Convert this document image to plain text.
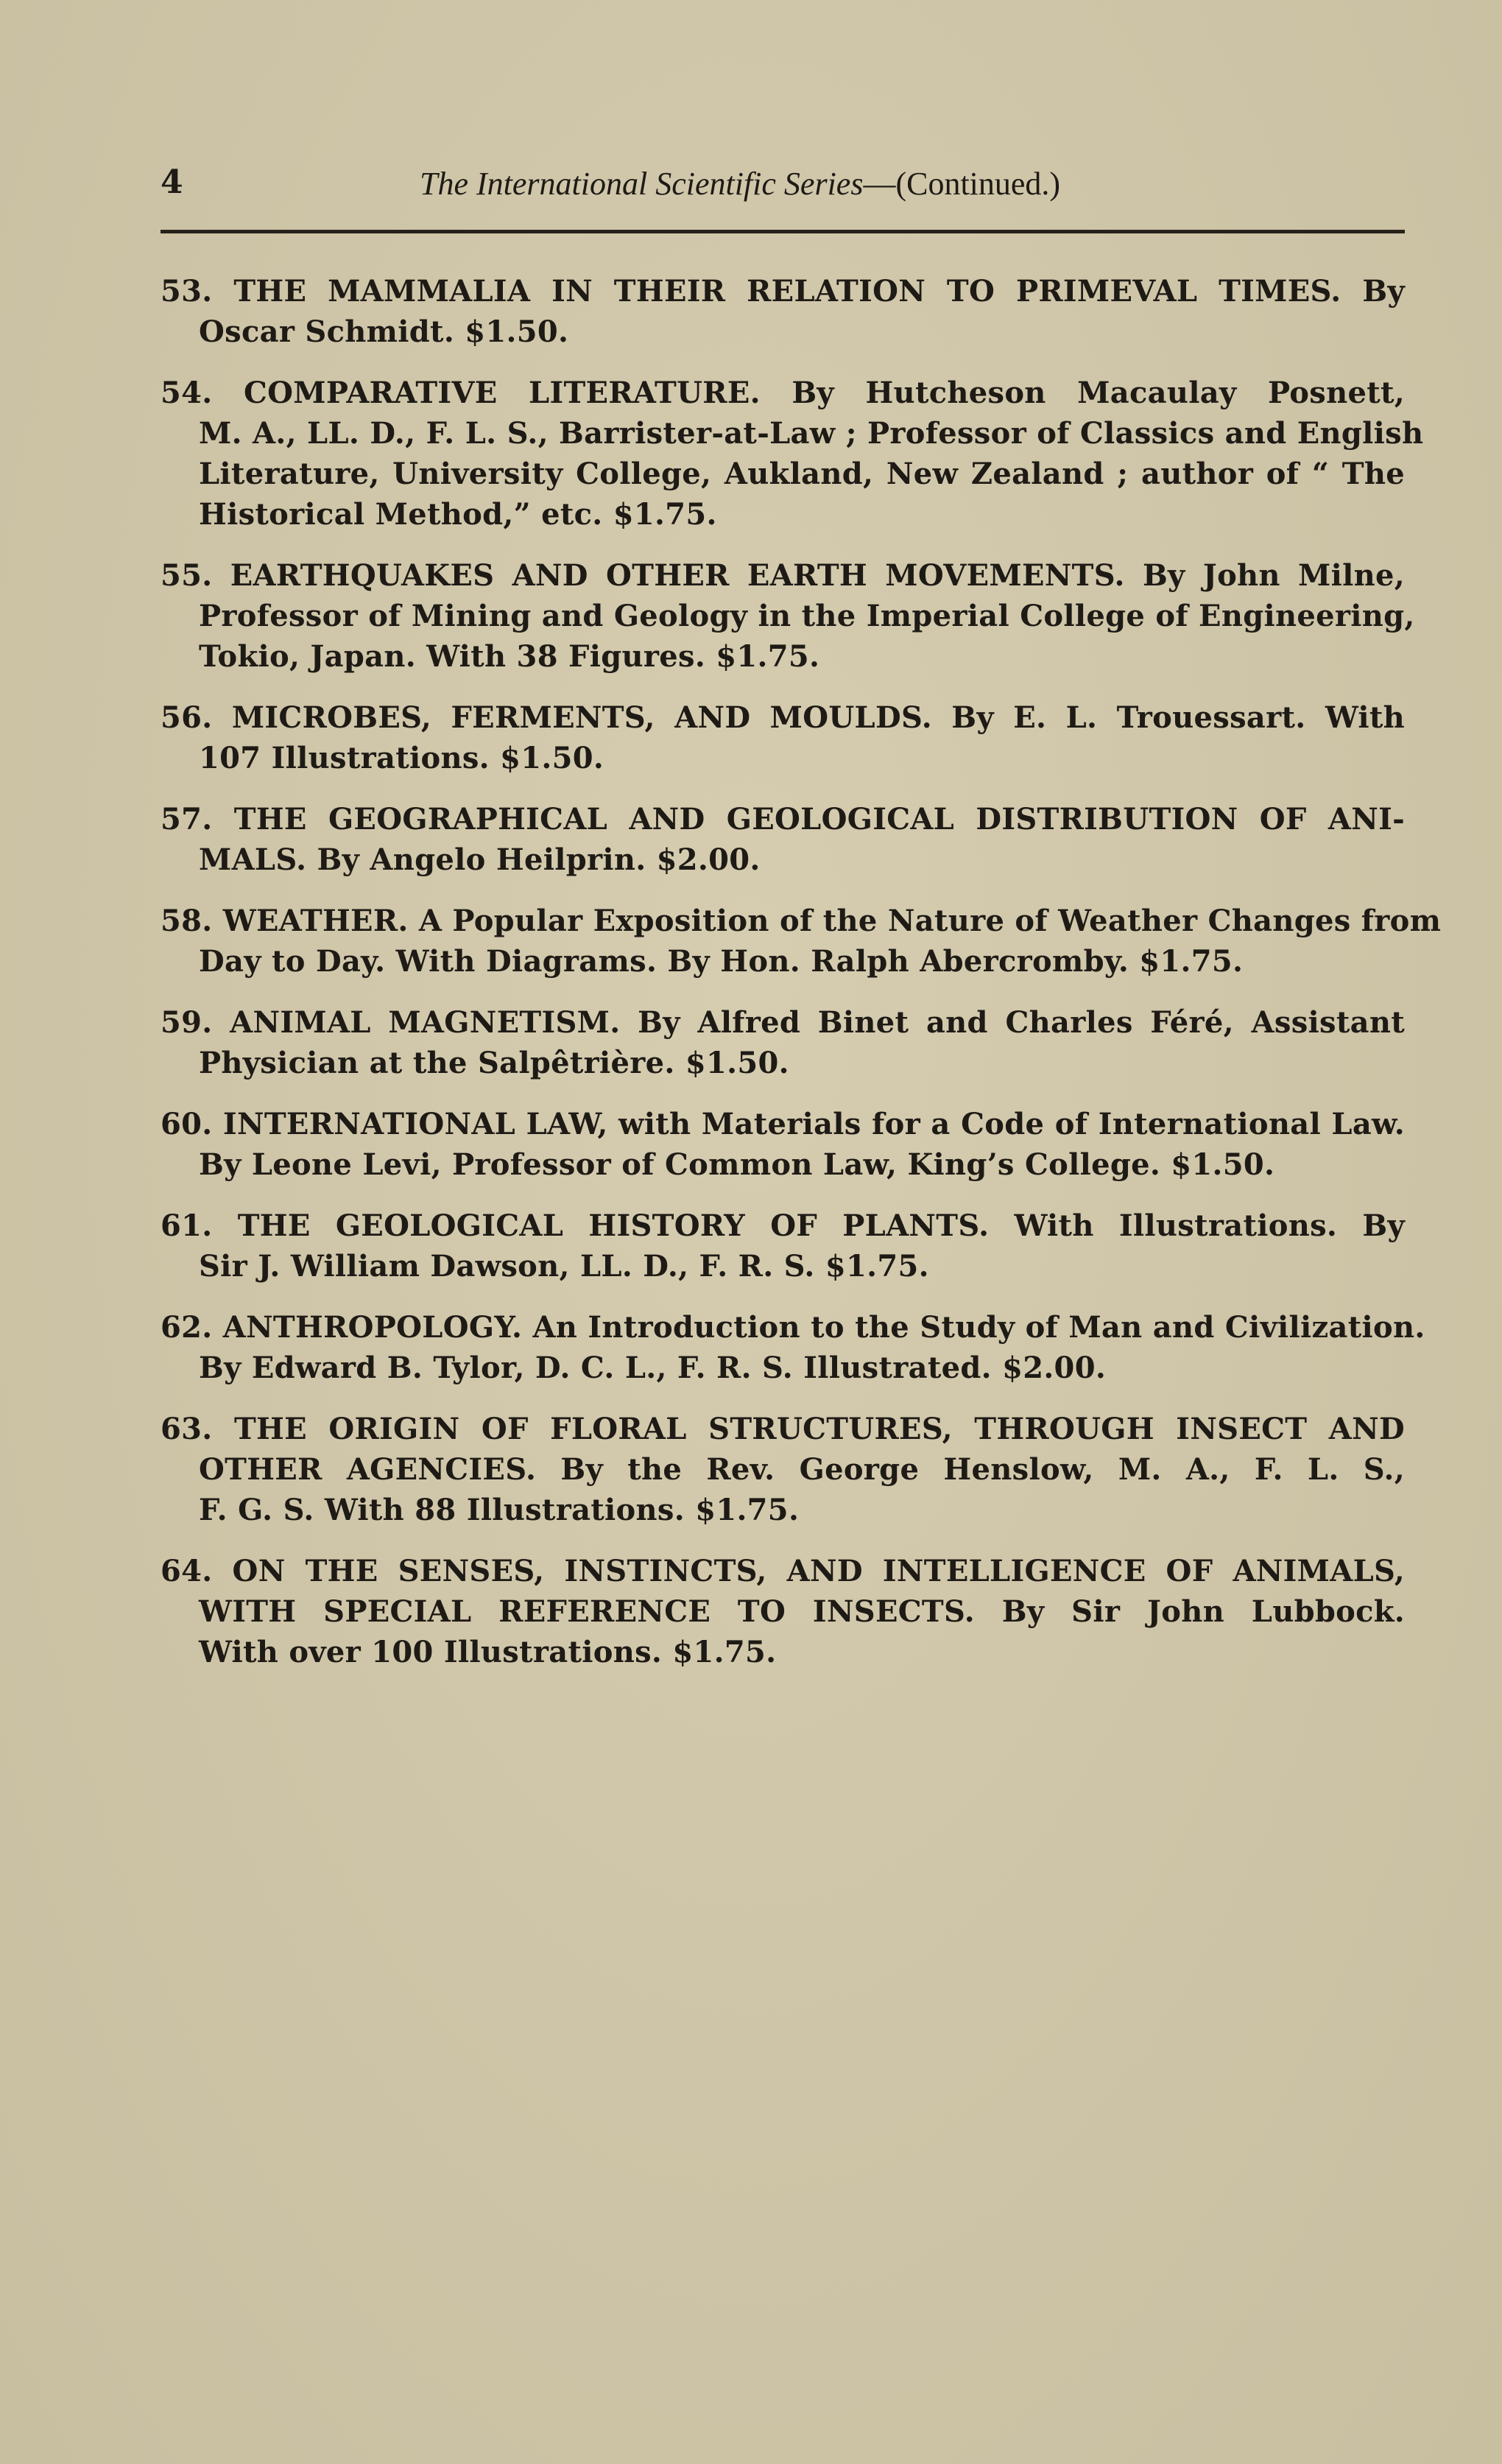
4	The International Scientific Series—(Continued.)
53. THE MAMMALIA IN THEIR RELATION TO PRIMEVAL TIMES. By
Oscar Schmidt. $1.50.
54. COMPARATIVE LITERATURE. By Hutcheson Macaulay Posnett,
M. A., LL. D., F. L. S., Barrister-at-Law ; Professor of Classics and English
Literature, University College, Aukland, New Zealand ; author of “ The
Historical Method,” etc. $1.75.
55. EARTHQUAKES AND OTHER EARTH MOVEMENTS. By John Milne,
Professor of Mining and Geology in the Imperial College of Engineering,
Tokio, Japan. With 38 Figures. $1.75.
56. MICROBES, FERMENTS, AND MOULDS. By E. L. Trouessart. With
107 Illustrations. $1.50.
57. THE GEOGRAPHICAL AND GEOLOGICAL DISTRIBUTION OF ANI-
MALS. By Angelo Heilprin. $2.00.
58. WEATHER. A Popular Exposition of the Nature of Weather Changes from
Day to Day. With Diagrams. By Hon. Ralph Abercromby. $1.75.
59. ANIMAL MAGNETISM. By Alfred Binet and Charles Féré, Assistant
Physician at the Salpêtrière. $1.50.
60. INTERNATIONAL LAW, with Materials for a Code of International Law.
By Leone Levi, Professor of Common Law, King’s College. $1.50.
61. THE GEOLOGICAL HISTORY OF PLANTS. With Illustrations. By
Sir J. William Dawson, LL. D., F. R. S. $1.75.
62. ANTHROPOLOGY. An Introduction to the Study of Man and Civilization.
By Edward B. Tylor, D. C. L., F. R. S. Illustrated. $2.00.
63. THE ORIGIN OF FLORAL STRUCTURES, THROUGH INSECT AND
OTHER AGENCIES. By the Rev. George Henslow, M. A., F. L. S.,
F. G. S. With 88 Illustrations. $1.75.
64. ON THE SENSES, INSTINCTS, AND INTELLIGENCE OF ANIMALS,
WITH SPECIAL REFERENCE TO INSECTS. By Sir John Lubbock.
With over 100 Illustrations. $1.75.
